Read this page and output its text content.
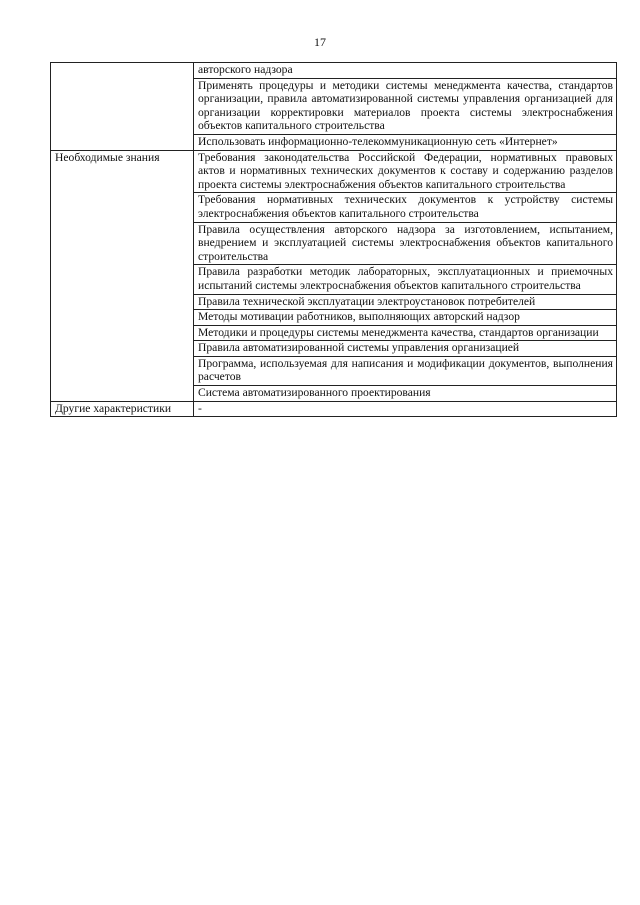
17
	авторского надзора
	Применять процедуры и методики системы менеджмента качества, стандартов организации, правила автоматизированной системы управления организацией для организации корректировки материалов проекта системы электроснабжения объектов капитального строительства
	Использовать информационно-телекоммуникационную сеть «Интернет»
Необходимые знания	Требования законодательства Российской Федерации, нормативных правовых актов и нормативных технических документов к составу и содержанию разделов проекта системы электроснабжения объектов капитального строительства
	Требования нормативных технических документов к устройству системы электроснабжения объектов капитального строительства
	Правила осуществления авторского надзора за изготовлением, испытанием, внедрением и эксплуатацией системы электроснабжения объектов капитального строительства
	Правила разработки методик лабораторных, эксплуатационных и приемочных испытаний системы электроснабжения объектов капитального строительства
	Правила технической эксплуатации электроустановок потребителей
	Методы мотивации работников, выполняющих авторский надзор
	Методики и процедуры системы менеджмента качества, стандартов организации
	Правила автоматизированной системы управления организацией
	Программа, используемая для написания и модификации документов, выполнения расчетов
	Система автоматизированного проектирования
Другие характеристики	-
